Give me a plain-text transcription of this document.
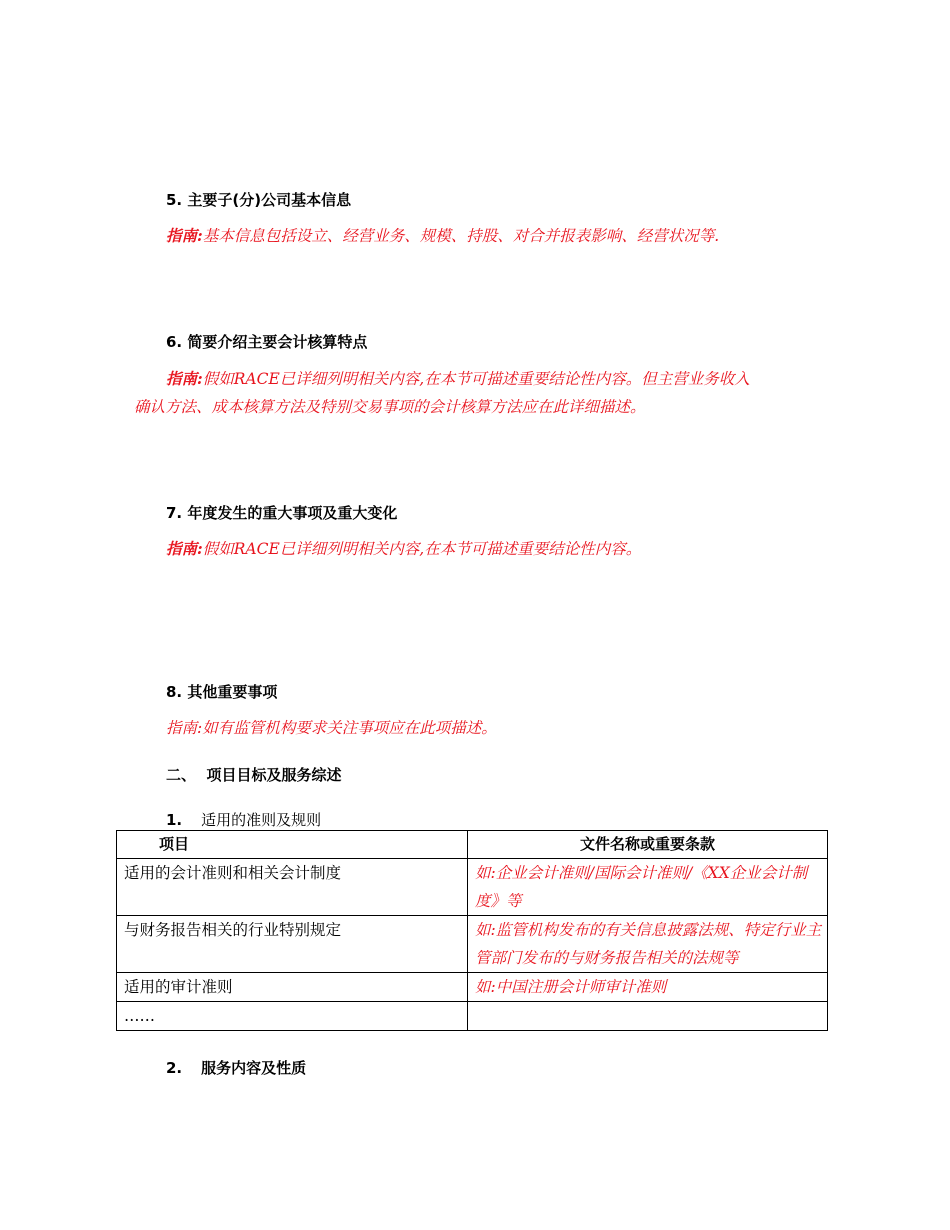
5. 主要子(分)公司基本信息
指南:基本信息包括设立、经营业务、规模、持股、对合并报表影响、经营状况等.
6. 简要介绍主要会计核算特点
指南:假如RACE已详细列明相关内容,在本节可描述重要结论性内容。但主营业务收入
确认方法、成本核算方法及特别交易事项的会计核算方法应在此详细描述。
7. 年度发生的重大事项及重大变化
指南:假如RACE已详细列明相关内容,在本节可描述重要结论性内容。
8. 其他重要事项
指南:如有监管机构要求关注事项应在此项描述。
二、  项目目标及服务综述
1. 适用的准则及规则
项目	文件名称或重要条款
适用的会计准则和相关会计制度	如:企业会计准则/国际会计准则/《XX企业会计制度》等
与财务报告相关的行业特别规定	如:监管机构发布的有关信息披露法规、特定行业主管部门发布的与财务报告相关的法规等
适用的审计准则	如:中国注册会计师审计准则
……	
2. 服务内容及性质
